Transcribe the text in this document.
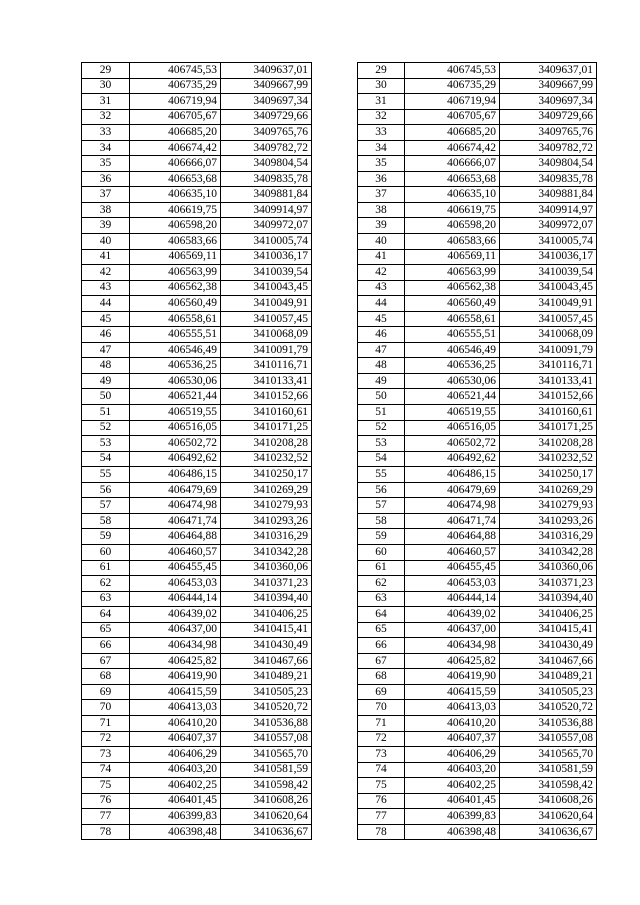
29	406745,53	3409637,01		29	406745,53	3409637,01
30	406735,29	3409667,99		30	406735,29	3409667,99
31	406719,94	3409697,34		31	406719,94	3409697,34
32	406705,67	3409729,66		32	406705,67	3409729,66
33	406685,20	3409765,76		33	406685,20	3409765,76
34	406674,42	3409782,72		34	406674,42	3409782,72
35	406666,07	3409804,54		35	406666,07	3409804,54
36	406653,68	3409835,78		36	406653,68	3409835,78
37	406635,10	3409881,84		37	406635,10	3409881,84
38	406619,75	3409914,97		38	406619,75	3409914,97
39	406598,20	3409972,07		39	406598,20	3409972,07
40	406583,66	3410005,74		40	406583,66	3410005,74
41	406569,11	3410036,17		41	406569,11	3410036,17
42	406563,99	3410039,54		42	406563,99	3410039,54
43	406562,38	3410043,45		43	406562,38	3410043,45
44	406560,49	3410049,91		44	406560,49	3410049,91
45	406558,61	3410057,45		45	406558,61	3410057,45
46	406555,51	3410068,09		46	406555,51	3410068,09
47	406546,49	3410091,79		47	406546,49	3410091,79
48	406536,25	3410116,71		48	406536,25	3410116,71
49	406530,06	3410133,41		49	406530,06	3410133,41
50	406521,44	3410152,66		50	406521,44	3410152,66
51	406519,55	3410160,61		51	406519,55	3410160,61
52	406516,05	3410171,25		52	406516,05	3410171,25
53	406502,72	3410208,28		53	406502,72	3410208,28
54	406492,62	3410232,52		54	406492,62	3410232,52
55	406486,15	3410250,17		55	406486,15	3410250,17
56	406479,69	3410269,29		56	406479,69	3410269,29
57	406474,98	3410279,93		57	406474,98	3410279,93
58	406471,74	3410293,26		58	406471,74	3410293,26
59	406464,88	3410316,29		59	406464,88	3410316,29
60	406460,57	3410342,28		60	406460,57	3410342,28
61	406455,45	3410360,06		61	406455,45	3410360,06
62	406453,03	3410371,23		62	406453,03	3410371,23
63	406444,14	3410394,40		63	406444,14	3410394,40
64	406439,02	3410406,25		64	406439,02	3410406,25
65	406437,00	3410415,41		65	406437,00	3410415,41
66	406434,98	3410430,49		66	406434,98	3410430,49
67	406425,82	3410467,66		67	406425,82	3410467,66
68	406419,90	3410489,21		68	406419,90	3410489,21
69	406415,59	3410505,23		69	406415,59	3410505,23
70	406413,03	3410520,72		70	406413,03	3410520,72
71	406410,20	3410536,88		71	406410,20	3410536,88
72	406407,37	3410557,08		72	406407,37	3410557,08
73	406406,29	3410565,70		73	406406,29	3410565,70
74	406403,20	3410581,59		74	406403,20	3410581,59
75	406402,25	3410598,42		75	406402,25	3410598,42
76	406401,45	3410608,26		76	406401,45	3410608,26
77	406399,83	3410620,64		77	406399,83	3410620,64
78	406398,48	3410636,67		78	406398,48	3410636,67
